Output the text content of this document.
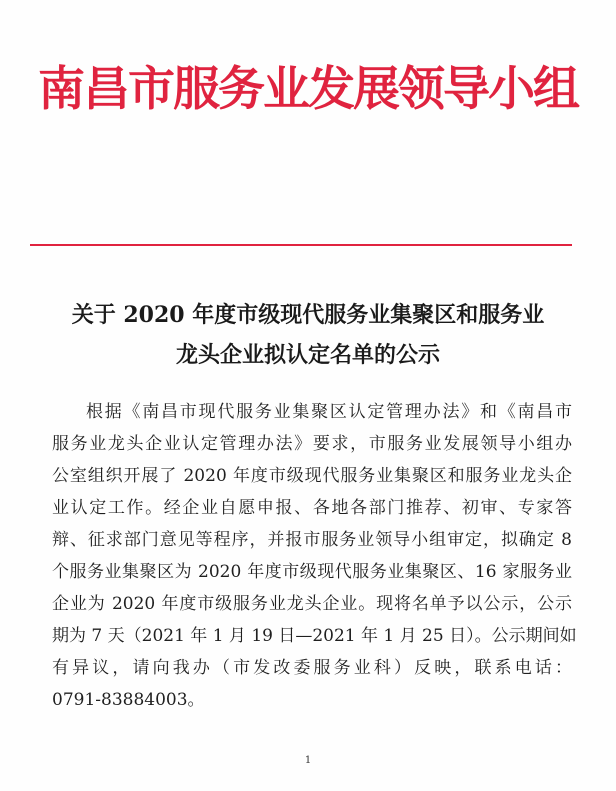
南昌市服务业发展领导小组
关于 2020 年度市级现代服务业集聚区和服务业
龙头企业拟认定名单的公示
根据《南昌市现代服务业集聚区认定管理办法》和《南昌市
服务业龙头企业认定管理办法》要求，市服务业发展领导小组办
公室组织开展了 2020 年度市级现代服务业集聚区和服务业龙头企
业认定工作。经企业自愿申报、各地各部门推荐、初审、专家答
辩、征求部门意见等程序，并报市服务业领导小组审定，拟确定 8
个服务业集聚区为 2020 年度市级现代服务业集聚区、16 家服务业
企业为 2020 年度市级服务业龙头企业。现将名单予以公示，公示
期为 7 天（2021 年 1 月 19 日—2021 年 1 月 25 日）。公示期间如
有异议，请向我办（市发改委服务业科）反映，联系电话：
0791-83884003。
1
